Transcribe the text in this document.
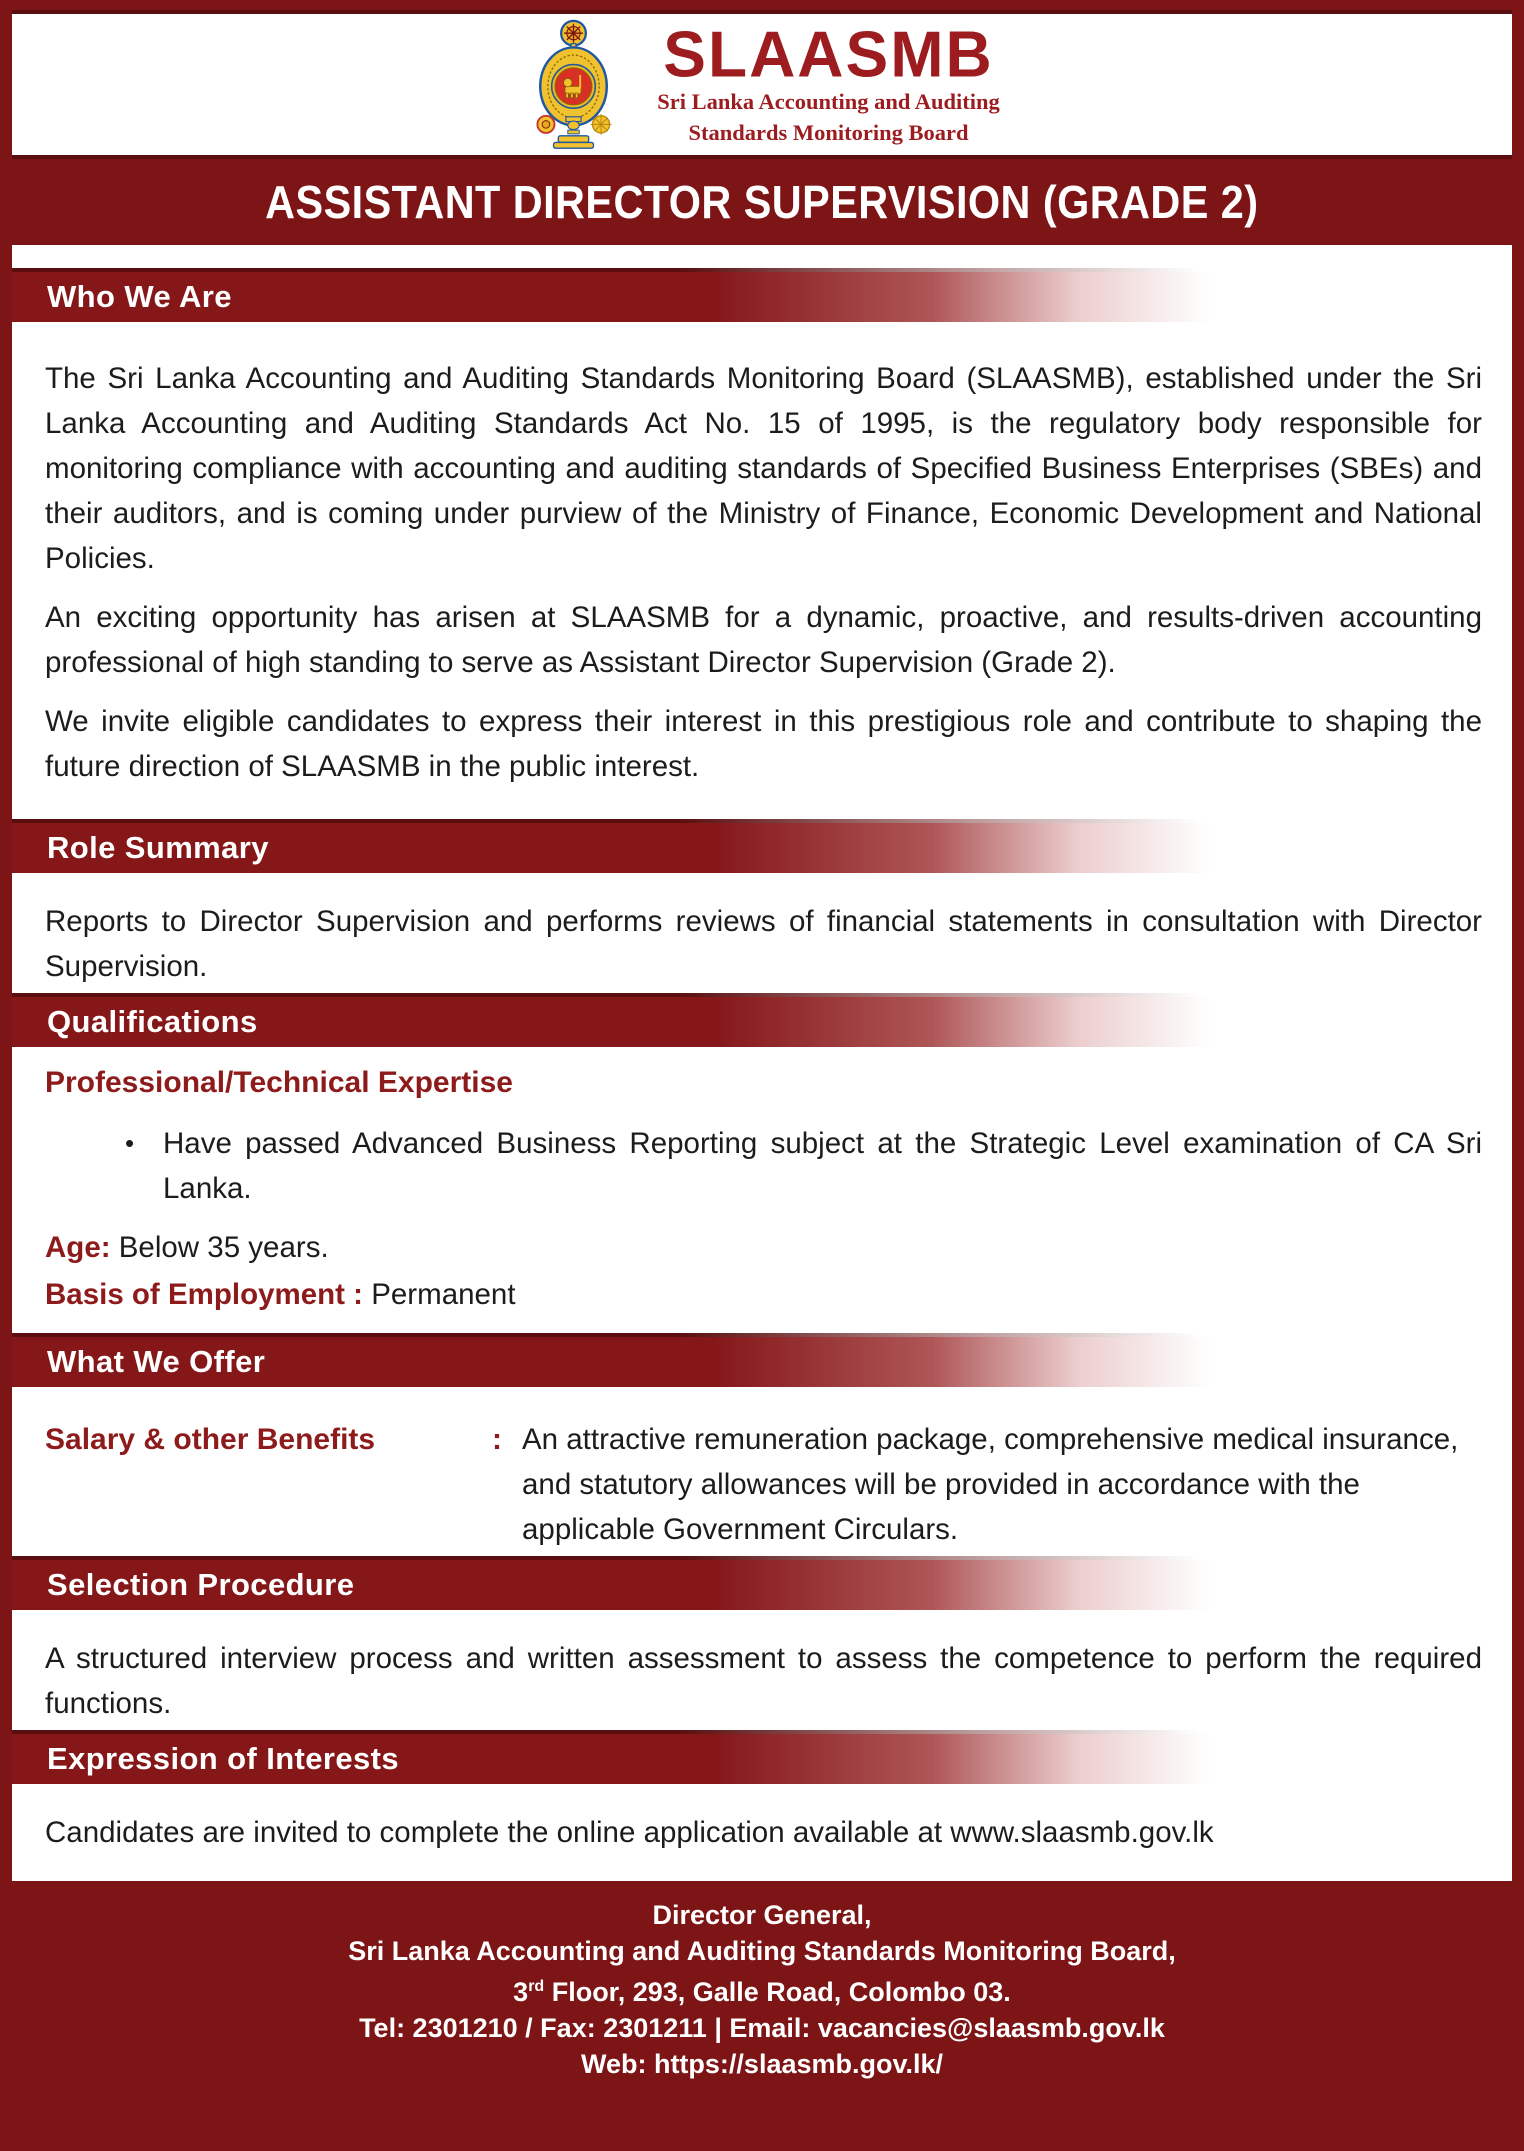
SLAASMB
Sri Lanka Accounting and Auditing
Standards Monitoring Board
ASSISTANT DIRECTOR SUPERVISION (GRADE 2)
Who We Are

The Sri Lanka Accounting and Auditing Standards Monitoring Board (SLAASMB), established under the Sri Lanka Accounting and Auditing Standards Act No. 15 of 1995, is the regulatory body responsible for monitoring compliance with accounting and auditing standards of Specified Business Enterprises (SBEs) and their auditors, and is coming under purview of the Ministry of Finance, Economic Development and National Policies.

An exciting opportunity has arisen at SLAASMB for a dynamic, proactive, and results-driven accounting professional of high standing to serve as Assistant Director Supervision (Grade 2).

We invite eligible candidates to express their interest in this prestigious role and contribute to shaping the future direction of SLAASMB in the public interest.

Role Summary

Reports to Director Supervision and performs reviews of financial statements in consultation with Director Supervision.

Qualifications
Professional/Technical Expertise
• Have passed Advanced Business Reporting subject at the Strategic Level examination of CA Sri Lanka.
Age: Below 35 years.
Basis of Employment : Permanent
What We Offer
Salary & other Benefits	: An attractive remuneration package, comprehensive medical insurance, and statutory allowances will be provided in accordance with the applicable Government Circulars.
Selection Procedure

A structured interview process and written assessment to assess the competence to perform the required functions.

Expression of Interests
Candidates are invited to complete the online application available at www.slaasmb.gov.lk
Director General,
Sri Lanka Accounting and Auditing Standards Monitoring Board,
3rd Floor, 293, Galle Road, Colombo 03.
Tel: 2301210 / Fax: 2301211 | Email: vacancies@slaasmb.gov.lk
Web: https://slaasmb.gov.lk/
